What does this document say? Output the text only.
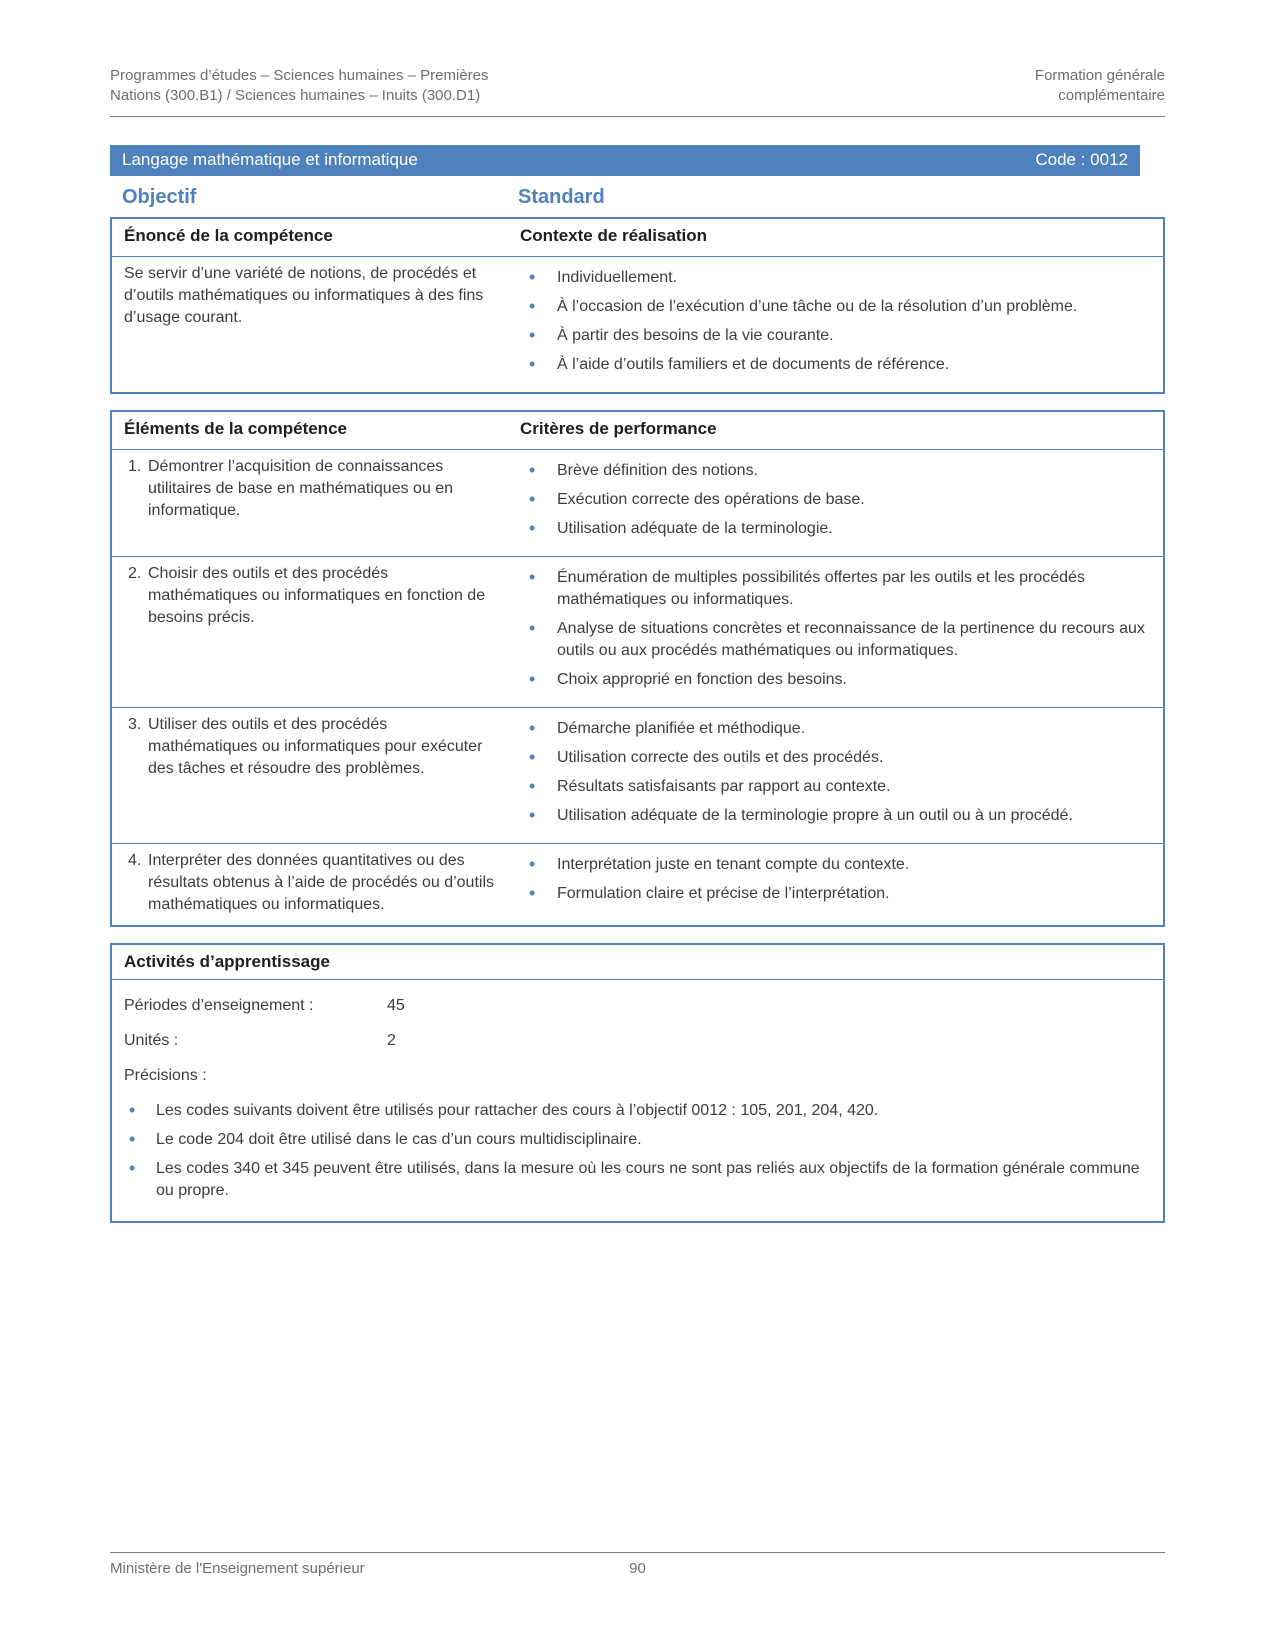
Programmes d’études – Sciences humaines – Premières
Nations (300.B1) / Sciences humaines – Inuits (300.D1)
Formation générale
complémentaire
Langage mathématique et informatique	Code : 0012
Objectif	Standard
Énoncé de la compétence	Contexte de réalisation

Se servir d’une variété de notions, de procédés et d’outils mathématiques ou informatiques à des fins d’usage courant.

• Individuellement.
• À l’occasion de l’exécution d’une tâche ou de la résolution d’un problème.
• À partir des besoins de la vie courante.
• À l’aide d’outils familiers et de documents de référence.
Éléments de la compétence	Critères de performance
1. Démontrer l’acquisition de connaissances utilitaires de base en mathématiques ou en informatique.
• Brève définition des notions.
• Exécution correcte des opérations de base.
• Utilisation adéquate de la terminologie.
2. Choisir des outils et des procédés mathématiques ou informatiques en fonction de besoins précis.
• Énumération de multiples possibilités offertes par les outils et les procédés mathématiques ou informatiques.
• Analyse de situations concrètes et reconnaissance de la pertinence du recours aux outils ou aux procédés mathématiques ou informatiques.
• Choix approprié en fonction des besoins.
3. Utiliser des outils et des procédés mathématiques ou informatiques pour exécuter des tâches et résoudre des problèmes.
• Démarche planifiée et méthodique.
• Utilisation correcte des outils et des procédés.
• Résultats satisfaisants par rapport au contexte.
• Utilisation adéquate de la terminologie propre à un outil ou à un procédé.
4. Interpréter des données quantitatives ou des résultats obtenus à l’aide de procédés ou d’outils mathématiques ou informatiques.
• Interprétation juste en tenant compte du contexte.
• Formulation claire et précise de l’interprétation.
Activités d’apprentissage
Périodes d’enseignement :	45
Unités :	2
Précisions :
• Les codes suivants doivent être utilisés pour rattacher des cours à l’objectif 0012 : 105, 201, 204, 420.
• Le code 204 doit être utilisé dans le cas d’un cours multidisciplinaire.
• Les codes 340 et 345 peuvent être utilisés, dans la mesure où les cours ne sont pas reliés aux objectifs de la formation générale commune ou propre.
Ministère de l'Enseignement supérieur	90
